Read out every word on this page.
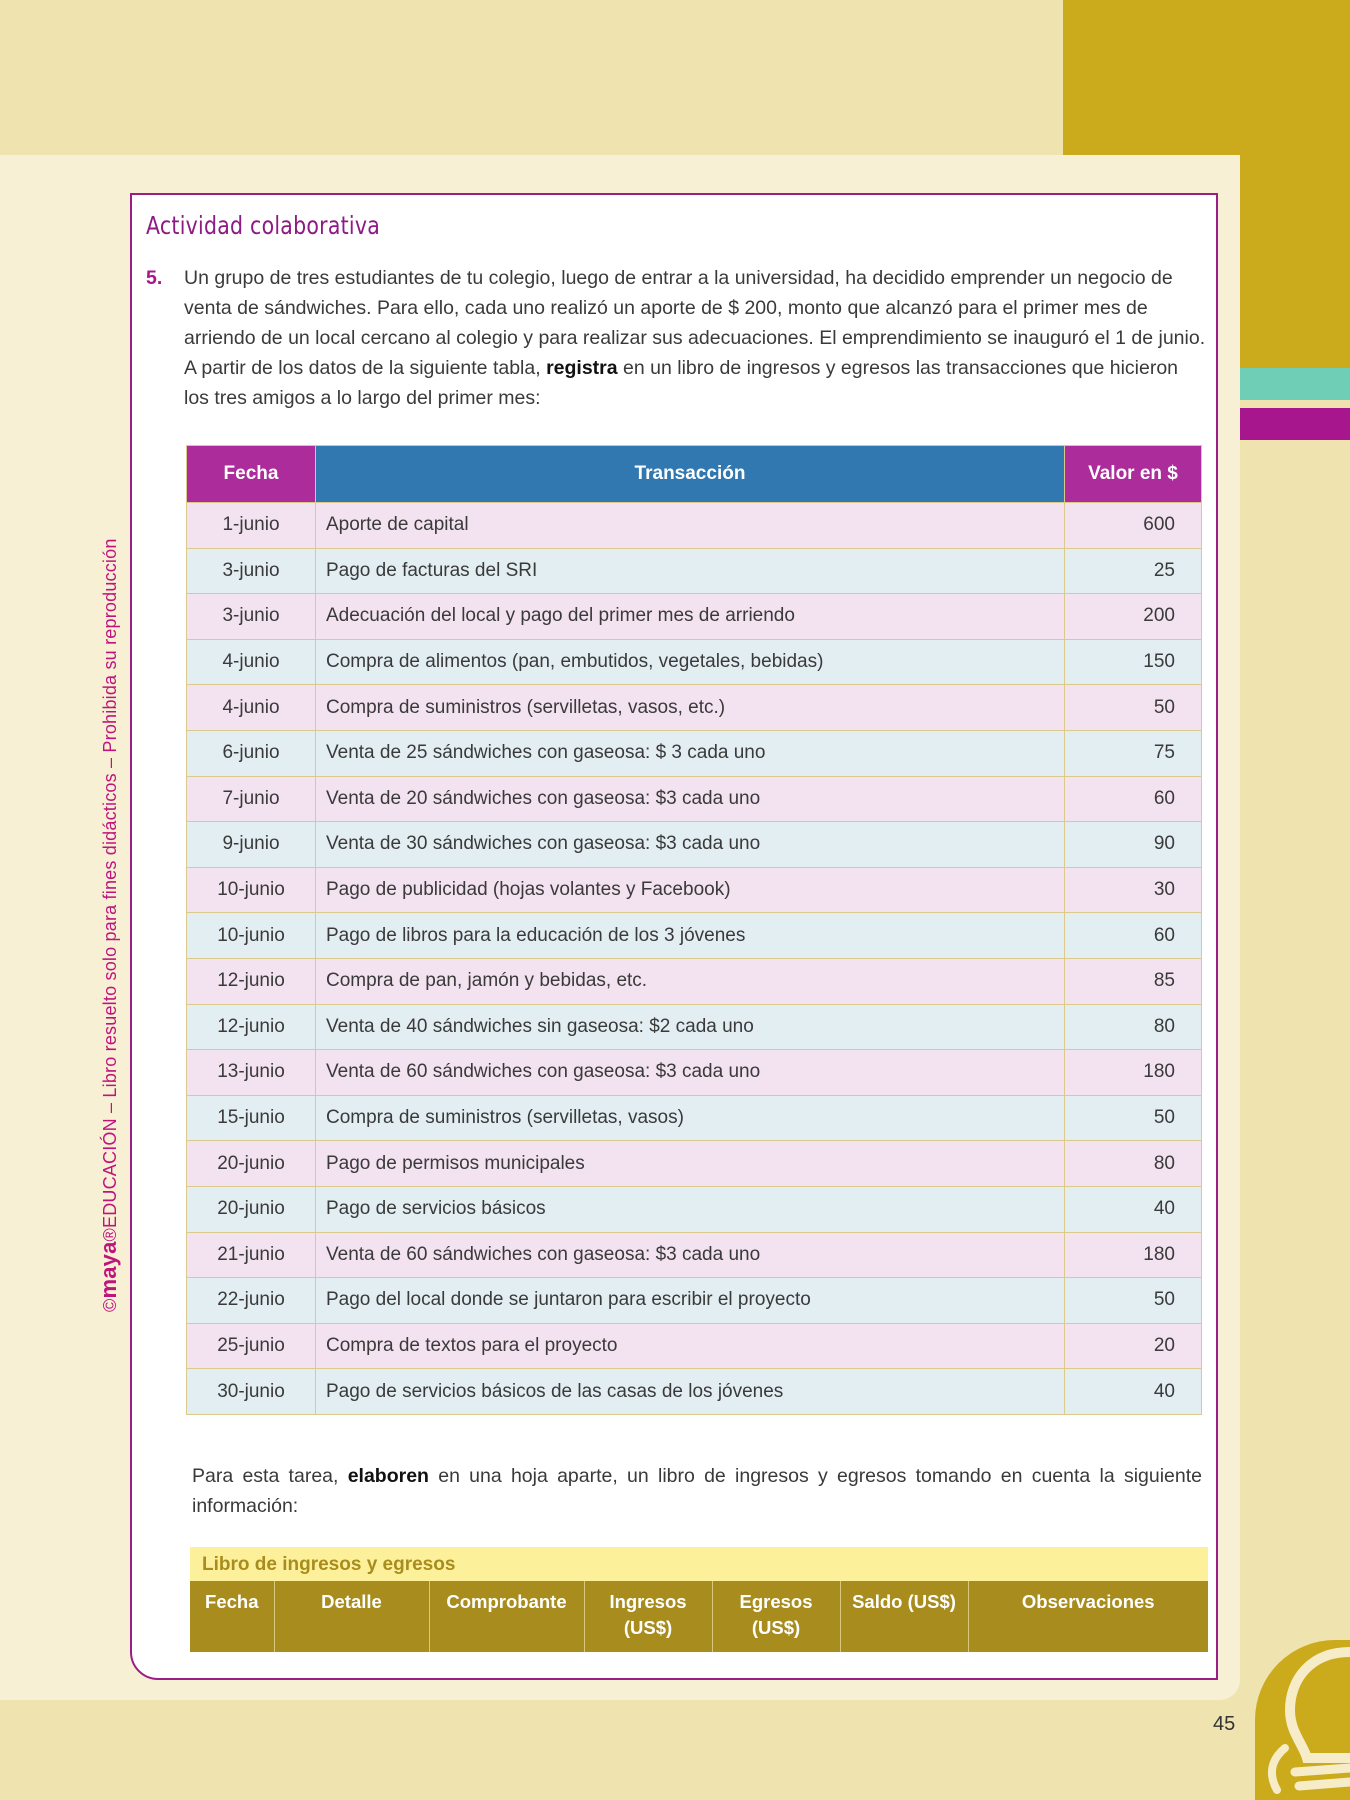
45
©maya®EDUCACIÓN – Libro resuelto solo para fines didácticos – Prohibida su reproducción
Actividad colaborativa
5. Un grupo de tres estudiantes de tu colegio, luego de entrar a la universidad, ha decidido emprender un negocio de venta de sándwiches. Para ello, cada uno realizó un aporte de $ 200, monto que alcanzó para el primer mes de arriendo de un local cercano al colegio y para realizar sus adecuaciones. El emprendimiento se inauguró el 1 de junio. A partir de los datos de la siguiente tabla, registra en un libro de ingresos y egresos las transacciones que hicieron los tres amigos a lo largo del primer mes:
Fecha	Transacción	Valor en $
1-junio	Aporte de capital	600
3-junio	Pago de facturas del SRI	25
3-junio	Adecuación del local y pago del primer mes de arriendo	200
4-junio	Compra de alimentos (pan, embutidos, vegetales, bebidas)	150
4-junio	Compra de suministros (servilletas, vasos, etc.)	50
6-junio	Venta de 25 sándwiches con gaseosa: $ 3 cada uno	75
7-junio	Venta de 20 sándwiches con gaseosa: $3 cada uno	60
9-junio	Venta de 30 sándwiches con gaseosa: $3 cada uno	90
10-junio	Pago de publicidad (hojas volantes y Facebook)	30
10-junio	Pago de libros para la educación de los 3 jóvenes	60
12-junio	Compra de pan, jamón y bebidas, etc.	85
12-junio	Venta de 40 sándwiches sin gaseosa: $2 cada uno	80
13-junio	Venta de 60 sándwiches con gaseosa: $3 cada uno	180
15-junio	Compra de suministros (servilletas, vasos)	50
20-junio	Pago de permisos municipales	80
20-junio	Pago de servicios básicos	40
21-junio	Venta de 60 sándwiches con gaseosa: $3 cada uno	180
22-junio	Pago del local donde se juntaron para escribir el proyecto	50
25-junio	Compra de textos para el proyecto	20
30-junio	Pago de servicios básicos de las casas de los jóvenes	40
Para esta tarea, elaboren en una hoja aparte, un libro de ingresos y egresos tomando en cuenta la siguiente información:
Libro de ingresos y egresos
Fecha	Detalle	Comprobante	Ingresos (US$)	Egresos (US$)	Saldo (US$)	Observaciones
